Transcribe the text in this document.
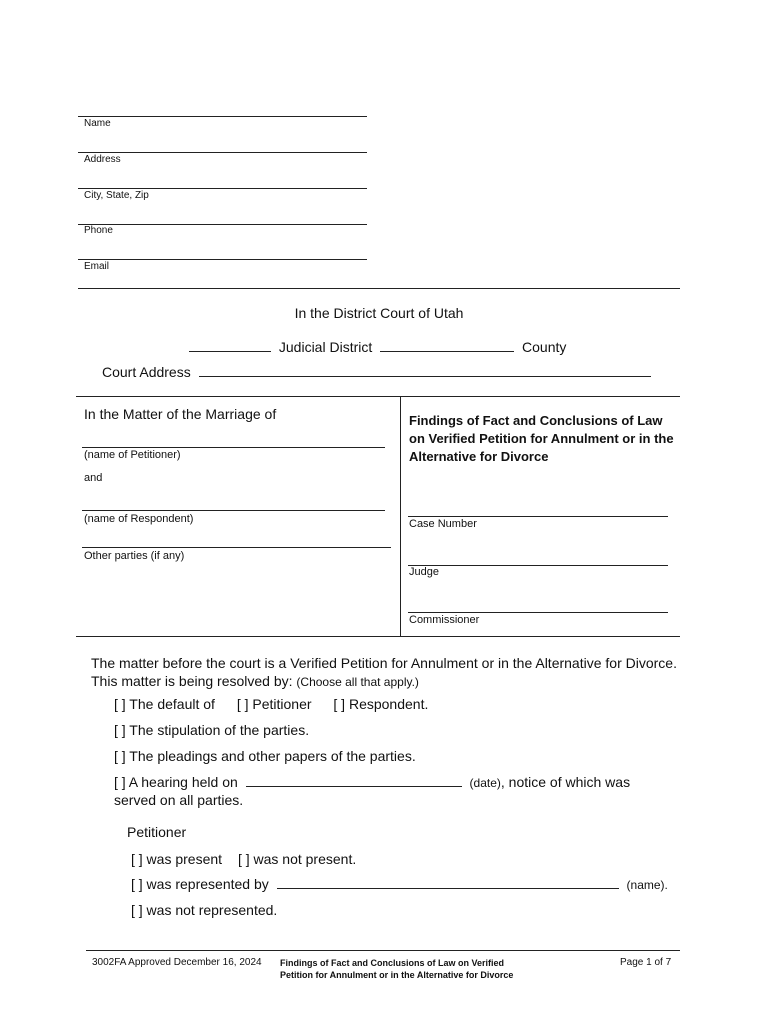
Name
Address
City, State, Zip
Phone
Email
In the District Court of Utah
Judicial District	County
Court Address
In the Matter of the Marriage of
(name of Petitioner)
and
(name of Respondent)
Other parties (if any)
Findings of Fact and Conclusions of Law on Verified Petition for Annulment or in the Alternative for Divorce
Case Number
Judge
Commissioner
The matter before the court is a Verified Petition for Annulment or in the Alternative for Divorce. This matter is being resolved by: (Choose all that apply.)
[ ] The default of [ ] Petitioner [ ] Respondent.
[ ] The stipulation of the parties.
[ ] The pleadings and other papers of the parties.
[ ] A hearing held on	(date), notice of which was
served on all parties.
Petitioner
[ ] was present [ ] was not present.
[ ] was represented by	(name).
[ ] was not represented.
3002FA Approved December 16, 2024 Findings of Fact and Conclusions of Law on Verified
Petition for Annulment or in the Alternative for Divorce
Page 1 of 7
